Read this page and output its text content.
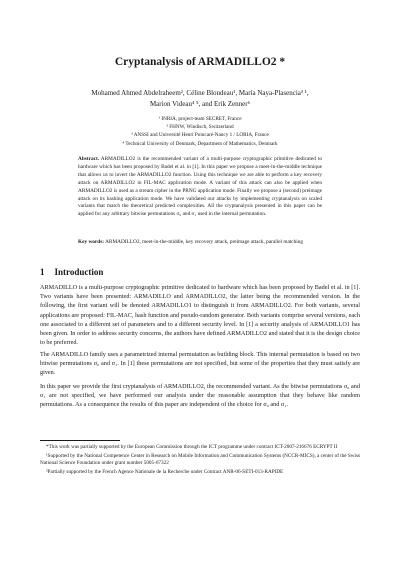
Cryptanalysis of ARMADILLO2 *
Mohamed Ahmed Abdelraheem², Céline Blondeau¹, María Naya-Plasencia³ ¹,
Marion Videau⁴ ⁵, and Erik Zenner⁶
¹ INRIA, project-team SECRET, France
² FHNW, Windisch, Switzerland
³ ANSSI and Université Henri Poincaré-Nancy 1 / LORIA, France
⁴ Technical University of Denmark, Department of Mathematics, Denmark
Abstract. ARMADILLO2 is the recommended variant of a multi-purpose cryptographic primitive dedicated to hardware which has been proposed by Badel et al. in [1]. In this paper we propose a meet-in-the-middle technique that allows us to invert the ARMADILLO2 function. Using this technique we are able to perform a key recovery attack on ARMADILLO2 in FIL-MAC application mode. A variant of this attack can also be applied when ARMADILLO2 is used as a stream cipher in the PRNG application mode. Finally we propose a (second) preimage attack on its hashing application mode. We have validated our attacks by implementing cryptanalysis on scaled variants that match the theoretical predicted complexities. All the cryptanalysis presented in this paper can be applied for any arbitrary bitwise permutations σ₀ and σ₁ used in the internal permutation.
Key words: ARMADILLO2, meet-in-the-middle, key recovery attack, preimage attack, parallel matching
1 Introduction
ARMADILLO is a multi-purpose cryptographic primitive dedicated to hardware which has been proposed by Badel et al. in [1]. Two variants have been presented: ARMADILLO and ARMADILLO2, the latter being the recommended version. In the following, the first variant will be denoted ARMADILLO1 to distinguish it from ARMADILLO2. For both variants, several applications are proposed: FIL-MAC, hash function and pseudo-random generator. Both variants comprise several versions, each one associated to a different set of parameters and to a different security level. In [1] a security analysis of ARMADILLO1 has been given. In order to address security concerns, the authors have defined ARMADILLO2 and stated that it is the design choice to be preferred.
The ARMADILLO family uses a parametrized internal permutation as building block. This internal permutation is based on two bitwise permutations σ₀ and σ₁. In [1] these permutations are not specified, but some of the properties that they must satisfy are given.
In this paper we provide the first cryptanalysis of ARMADILLO2, the recommended variant. As the bitwise permutations σ₀ and σ₁ are not specified, we have performed our analysis under the reasonable assumption that they behave like random permutations. As a consequence the results of this paper are independent of the choice for σ₀ and σ₁.

*This work was partially supported by the European Commission through the ICT programme under contract ICT-2007-216676 ECRYPT II

¹Supported by the National Competence Center in Research on Mobile Information and Communication Systems (NCCR-MICS), a center of the Swiss National Science Foundation under grant number 5005-67322

²Partially supported by the French Agence Nationale de la Recherche under Contract ANR-06-SETI-013-RAPIDE
